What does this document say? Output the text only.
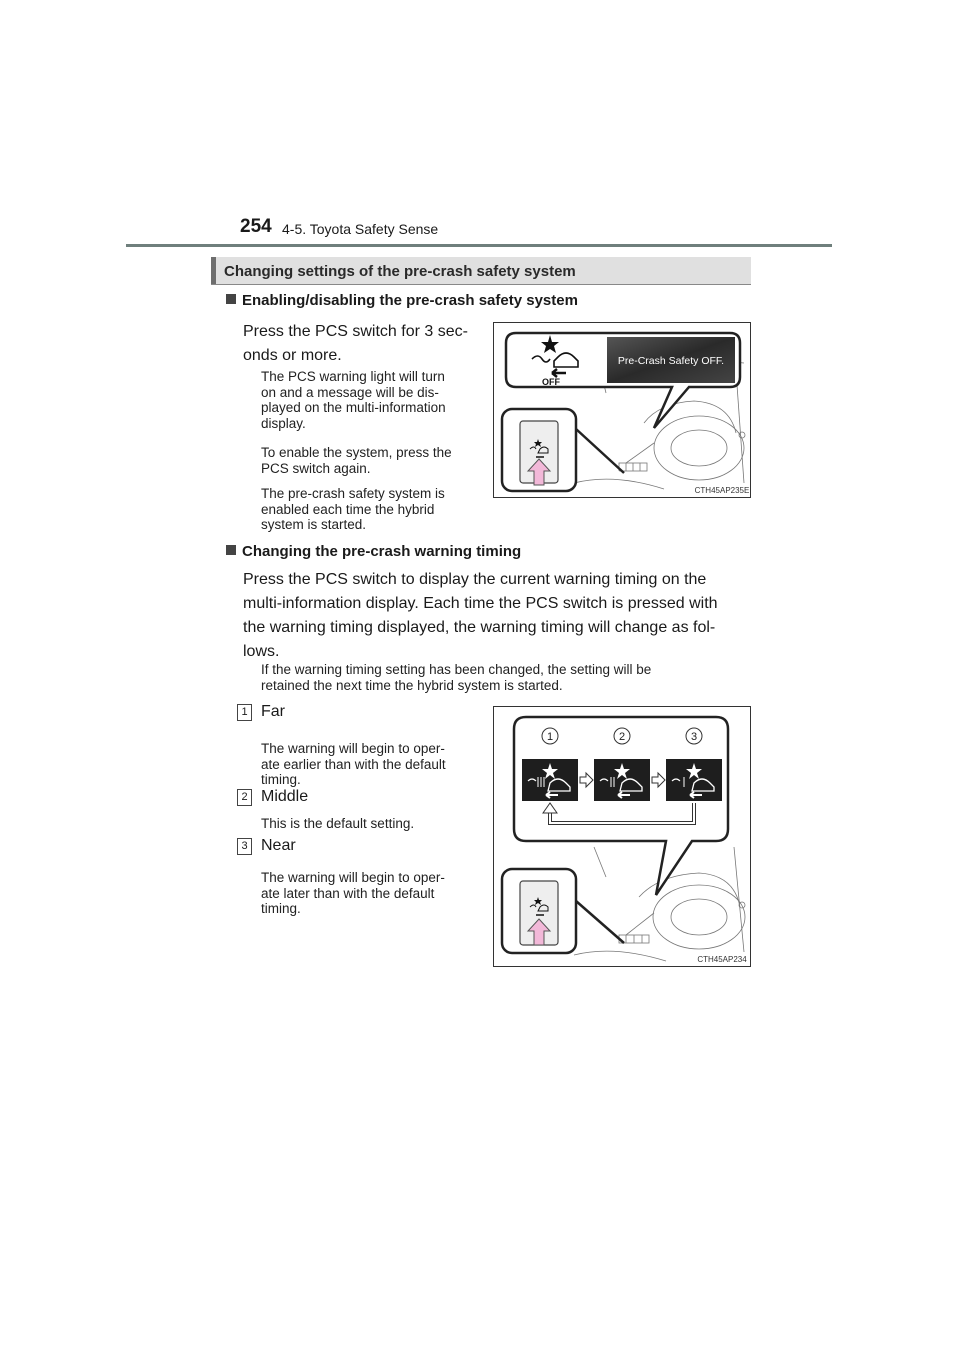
254 4-5. Toyota Safety Sense
Changing settings of the pre-crash safety system
Enabling/disabling the pre-crash safety system
Press the PCS switch for 3 sec-
onds or more.
The PCS warning light will turn
on and a message will be dis-
played on the multi-information
display.
To enable the system, press the
PCS switch again.
The pre-crash safety system is
enabled each time the hybrid
system is started.
Pre-Crash Safety OFF.
OFF
CTH45AP235E
Changing the pre-crash warning timing
Press the PCS switch to display the current warning timing on the
multi-information display. Each time the PCS switch is pressed with
the warning timing displayed, the warning timing will change as fol-
lows.
If the warning timing setting has been changed, the setting will be
retained the next time the hybrid system is started.
1 Far
The warning will begin to oper-
ate earlier than with the default
timing.
2 Middle
This is the default setting.
3 Near
The warning will begin to oper-
ate later than with the default
timing.
1	2	3
CTH45AP234
